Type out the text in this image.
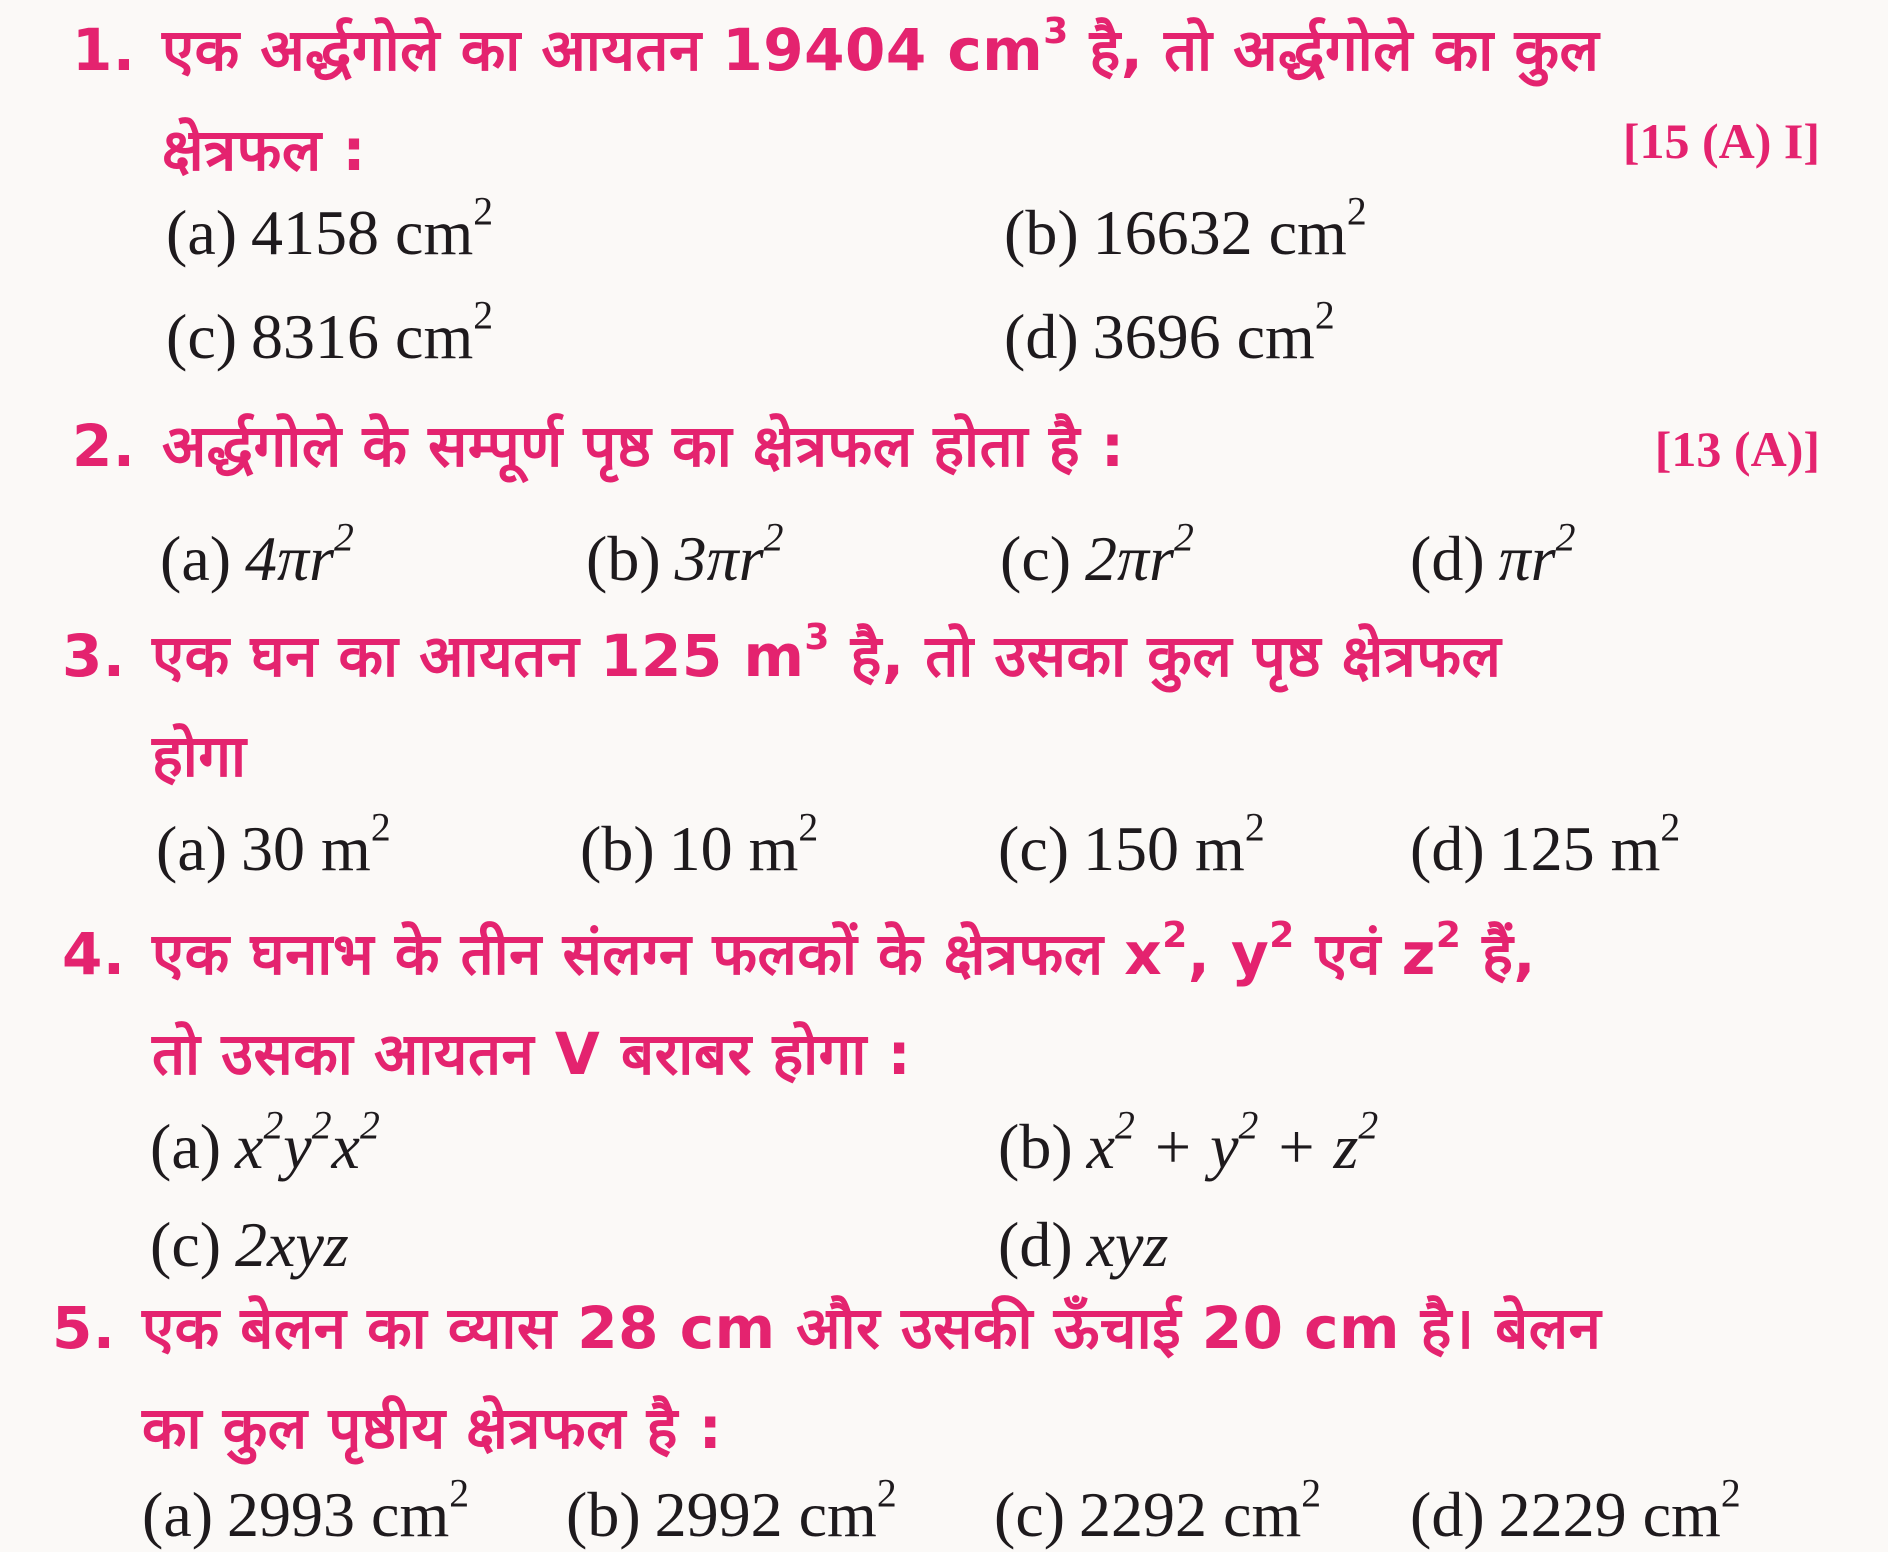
1. एक अरगल क आयतन 19404 $cm^3$ ह, त अरगल क कल
क्षेत्रफल :	[15 (A) I]
(a) 4158 $cm^2$	(b) 16632 $cm^2$
(c) 8316 $cm^2$	(d) 3696 $cm^2$
2. अर्द्धगोले के सम्पूर्ण पृष्ठ का क्षेत्रफल होता है :	[13 (A)]
(a) $4\pi r^2$	(b) $3\pi r^2$	(c) $2\pi r^2$	(d) $\pi r^2$
3. एक घन क आयतन 125 $m^3$ ह, त उसक कल पष कतफल
होगा
(a) 30 $m^2$	(b) 10 $m^2$	(c) 150 $m^2$ (d) 125 $m^2$
4. एक घनभ क तन सलगन फलक क कतफल $x^2$, $y^2$ एव $z^2$ ह,
तो उसका आयतन V बराबर होगा :
(a) $x^2y^2x^2$	(b) $x^2 + y^2 + z^2$
(c) 2xyz	(d) xyz
5. एक बेलन का व्यास 28 cm और उसकी ऊँचाई 20 cm है। बेलन
का कुल पृष्ठीय क्षेत्रफल है :
(a) 2993 $cm^2$ (b) 2992 $cm^2$ (c) 2292 $cm^2$ (d) 2229 $cm^2$
